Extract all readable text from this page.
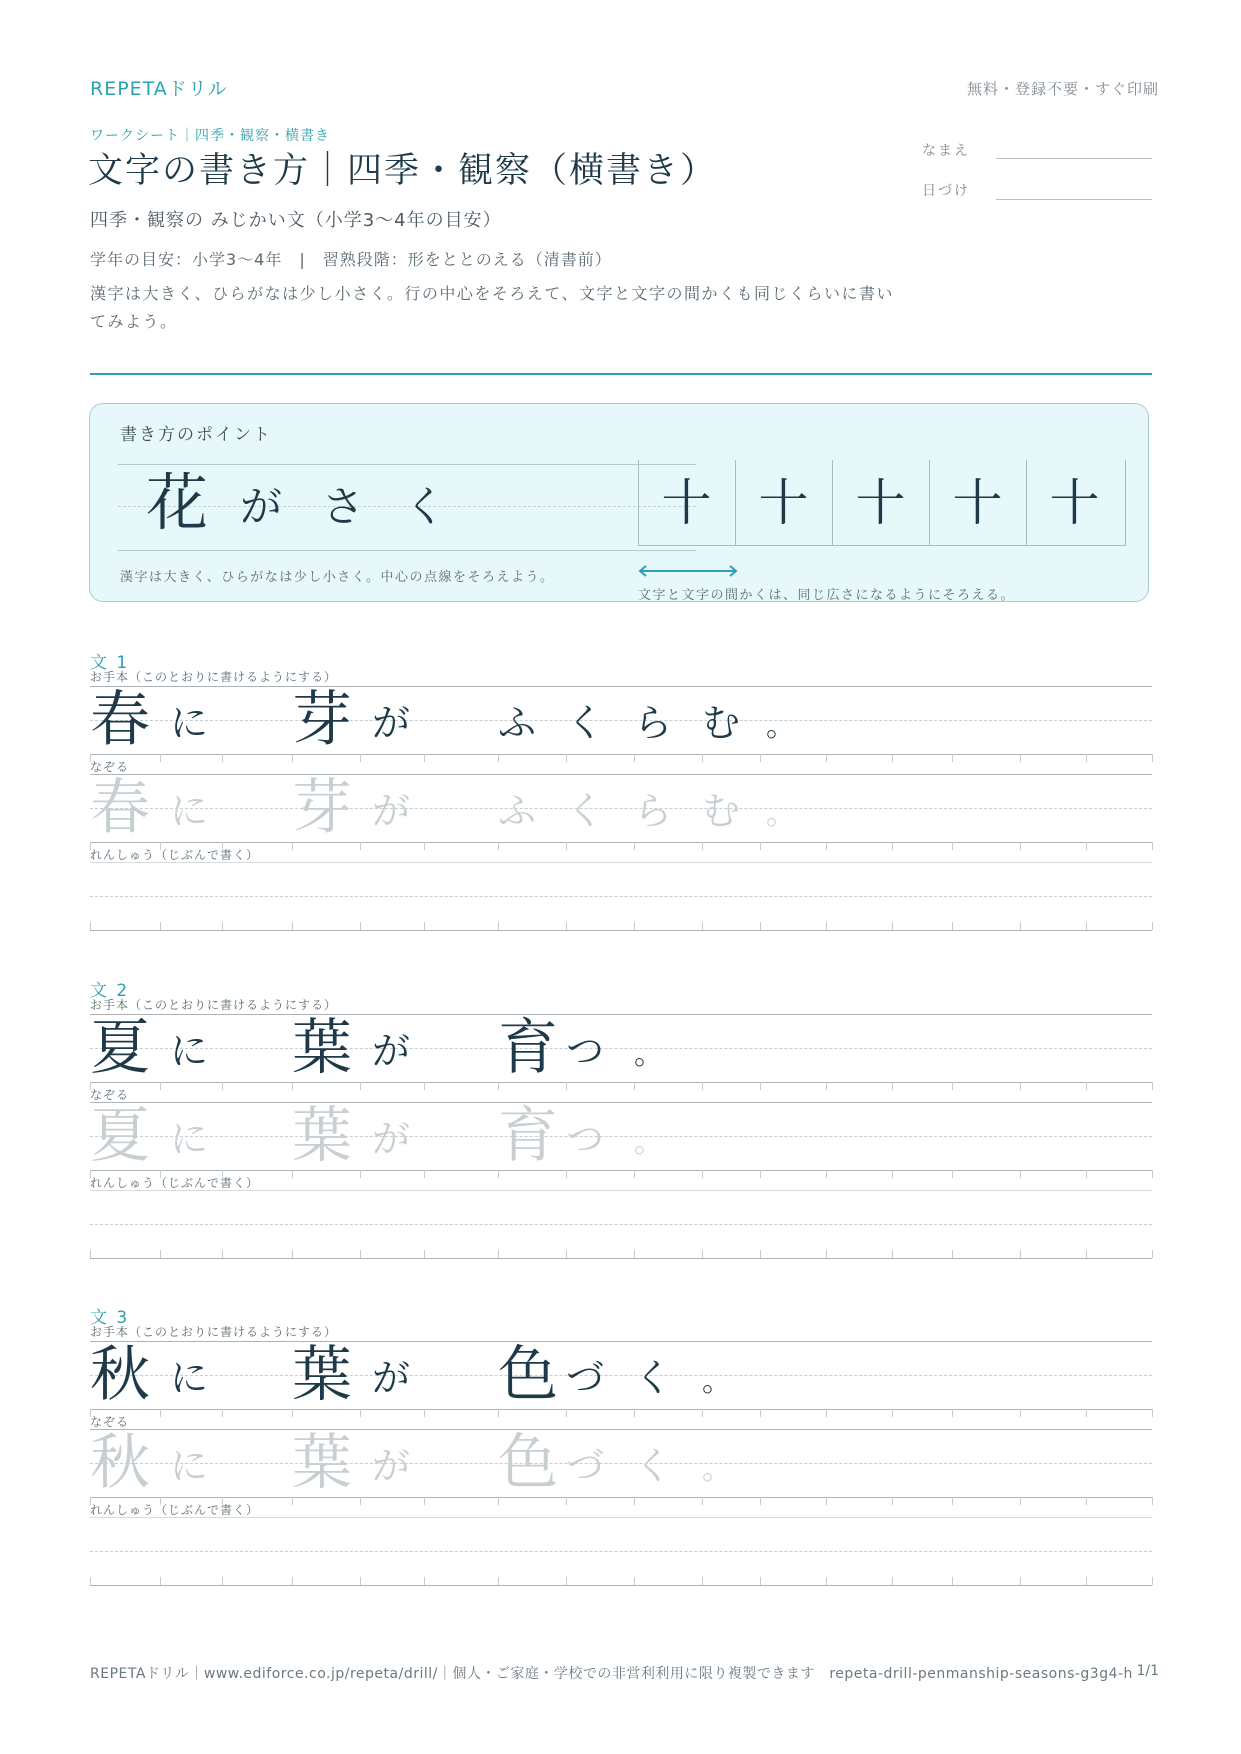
REPETAドリル	無料・登録不要・すぐ印刷
ワークシート｜四季・観察・横書き
文字の書き方｜四季・観察（横書き）
四季・観察の みじかい文（小学3〜4年の目安）
学年の目安：小学3〜4年　|　習熟段階：形をととのえる（清書前）
漢字は大きく、ひらがなは少し小さく。行の中心をそろえて、文字と文字の間かくも同じくらいに書いてみよう。
なまえ
日づけ
書き方のポイント
花 が さ く
漢字は大きく、ひらがなは少し小さく。中心の点線をそろえよう。
十 十 十 十 十
文字と文字の間かくは、同じ広さになるようにそろえる。
文 1
お手本（このとおりに書けるようにする）
なぞる
れんしゅう（じぶんで書く）
春
春
に
に
芽
芽
が
が
ふ
ふ
く
く
ら
ら
む
む
。
。
文 2
お手本（このとおりに書けるようにする）
なぞる
れんしゅう（じぶんで書く）
夏
夏
に
に
葉
葉
が
が
育
育
つ
つ
。
。
文 3
お手本（このとおりに書けるようにする）
なぞる
れんしゅう（じぶんで書く）
秋
秋
に
に
葉
葉
が
が
色
色
づ
づ
く
く
。
。
REPETAドリル｜www.ediforce.co.jp/repeta/drill/｜個人・ご家庭・学校での非営利利用に限り複製できます　repeta-drill-penmanship-seasons-g3g4-h 1/1
